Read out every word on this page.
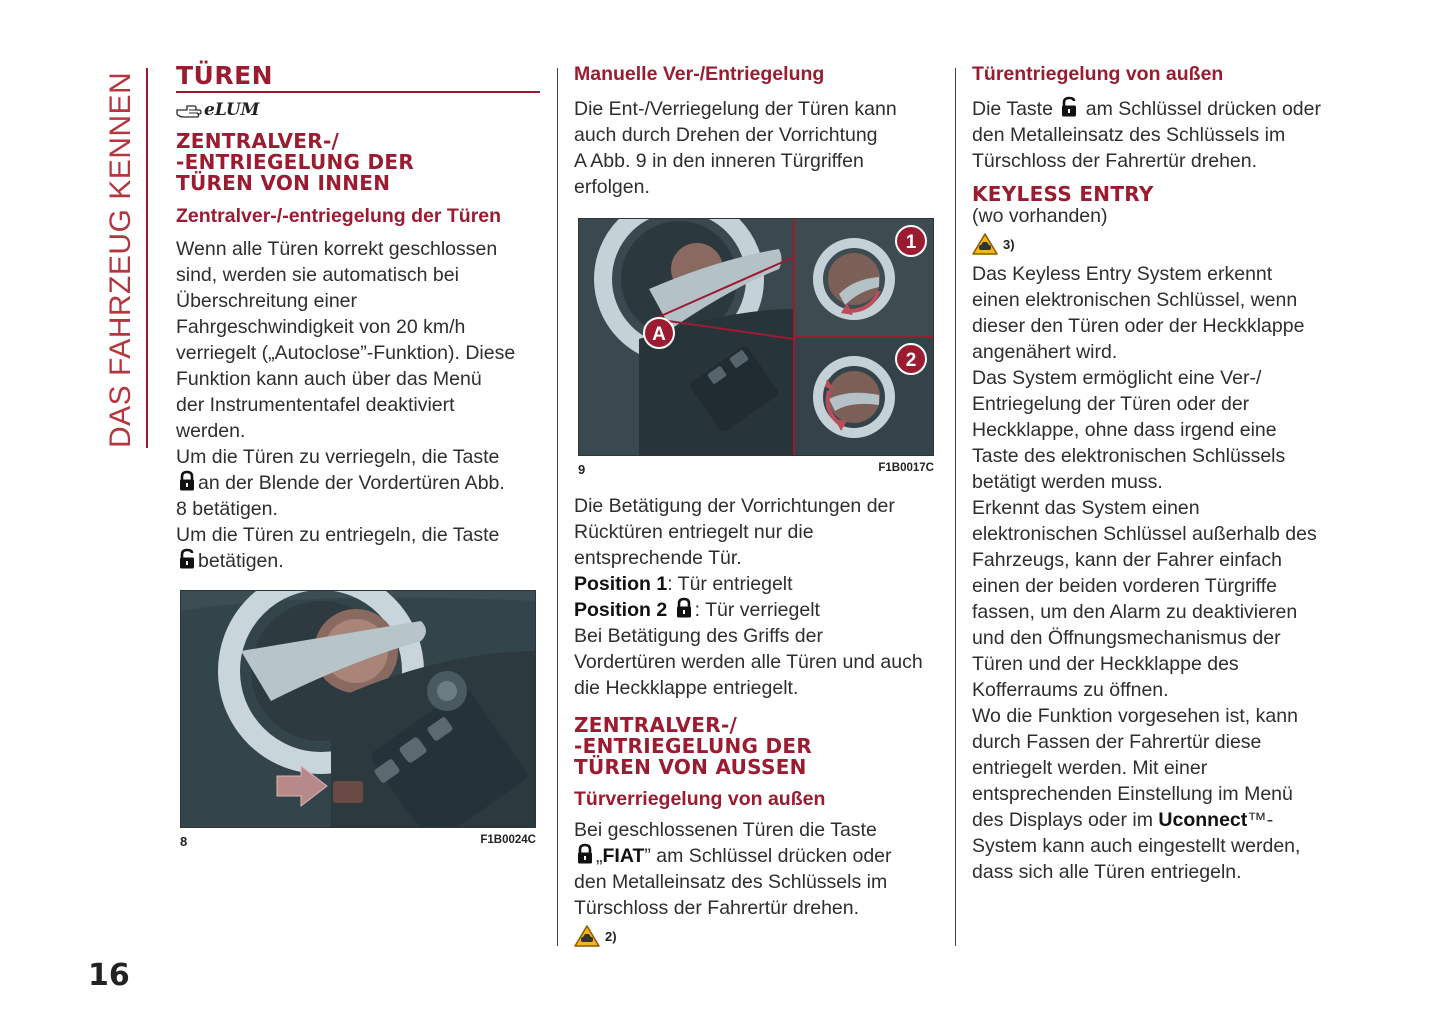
DAS FAHRZEUG KENNEN
16
TÜREN
eLUM
ZENTRALVER-/
-ENTRIEGELUNG DER
TÜREN VON INNEN
Zentralver-/-entriegelung der Türen
Wenn alle Türen korrekt geschlossen
sind, werden sie automatisch bei
Überschreitung einer
Fahrgeschwindigkeit von 20 km/h
verriegelt („Autoclose”-Funktion). Diese
Funktion kann auch über das Menü
der Instrumententafel deaktiviert
werden.
Um die Türen zu verriegeln, die Taste
an der Blende der Vordertüren Abb.
8 betätigen.
Um die Türen zu entriegeln, die Taste
betätigen.
8	F1B0024C
Manuelle Ver-/Entriegelung
Die Ent-/Verriegelung der Türen kann
auch durch Drehen der Vorrichtung
A Abb. 9 in den inneren Türgriffen
erfolgen.
1
2
A
9	F1B0017C
Die Betätigung der Vorrichtungen der
Rücktüren entriegelt nur die
entsprechende Tür.
Position 1: Tür entriegelt
Position 2 : Tür verriegelt
Bei Betätigung des Griffs der
Vordertüren werden alle Türen und auch
die Heckklappe entriegelt.
ZENTRALVER-/
-ENTRIEGELUNG DER
TÜREN VON AUSSEN
Türverriegelung von außen
Bei geschlossenen Türen die Taste
„FIAT” am Schlüssel drücken oder
den Metalleinsatz des Schlüssels im
Türschloss der Fahrertür drehen.
2)
Türentriegelung von außen
Die Taste am Schlüssel drücken oder
den Metalleinsatz des Schlüssels im
Türschloss der Fahrertür drehen.
KEYLESS ENTRY
(wo vorhanden)
3)
Das Keyless Entry System erkennt
einen elektronischen Schlüssel, wenn
dieser den Türen oder der Heckklappe
angenähert wird.
Das System ermöglicht eine Ver-/
Entriegelung der Türen oder der
Heckklappe, ohne dass irgend eine
Taste des elektronischen Schlüssels
betätigt werden muss.
Erkennt das System einen
elektronischen Schlüssel außerhalb des
Fahrzeugs, kann der Fahrer einfach
einen der beiden vorderen Türgriffe
fassen, um den Alarm zu deaktivieren
und den Öffnungsmechanismus der
Türen und der Heckklappe des
Kofferraums zu öffnen.
Wo die Funktion vorgesehen ist, kann
durch Fassen der Fahrertür diese
entriegelt werden. Mit einer
entsprechenden Einstellung im Menü
des Displays oder im Uconnect™-
System kann auch eingestellt werden,
dass sich alle Türen entriegeln.
